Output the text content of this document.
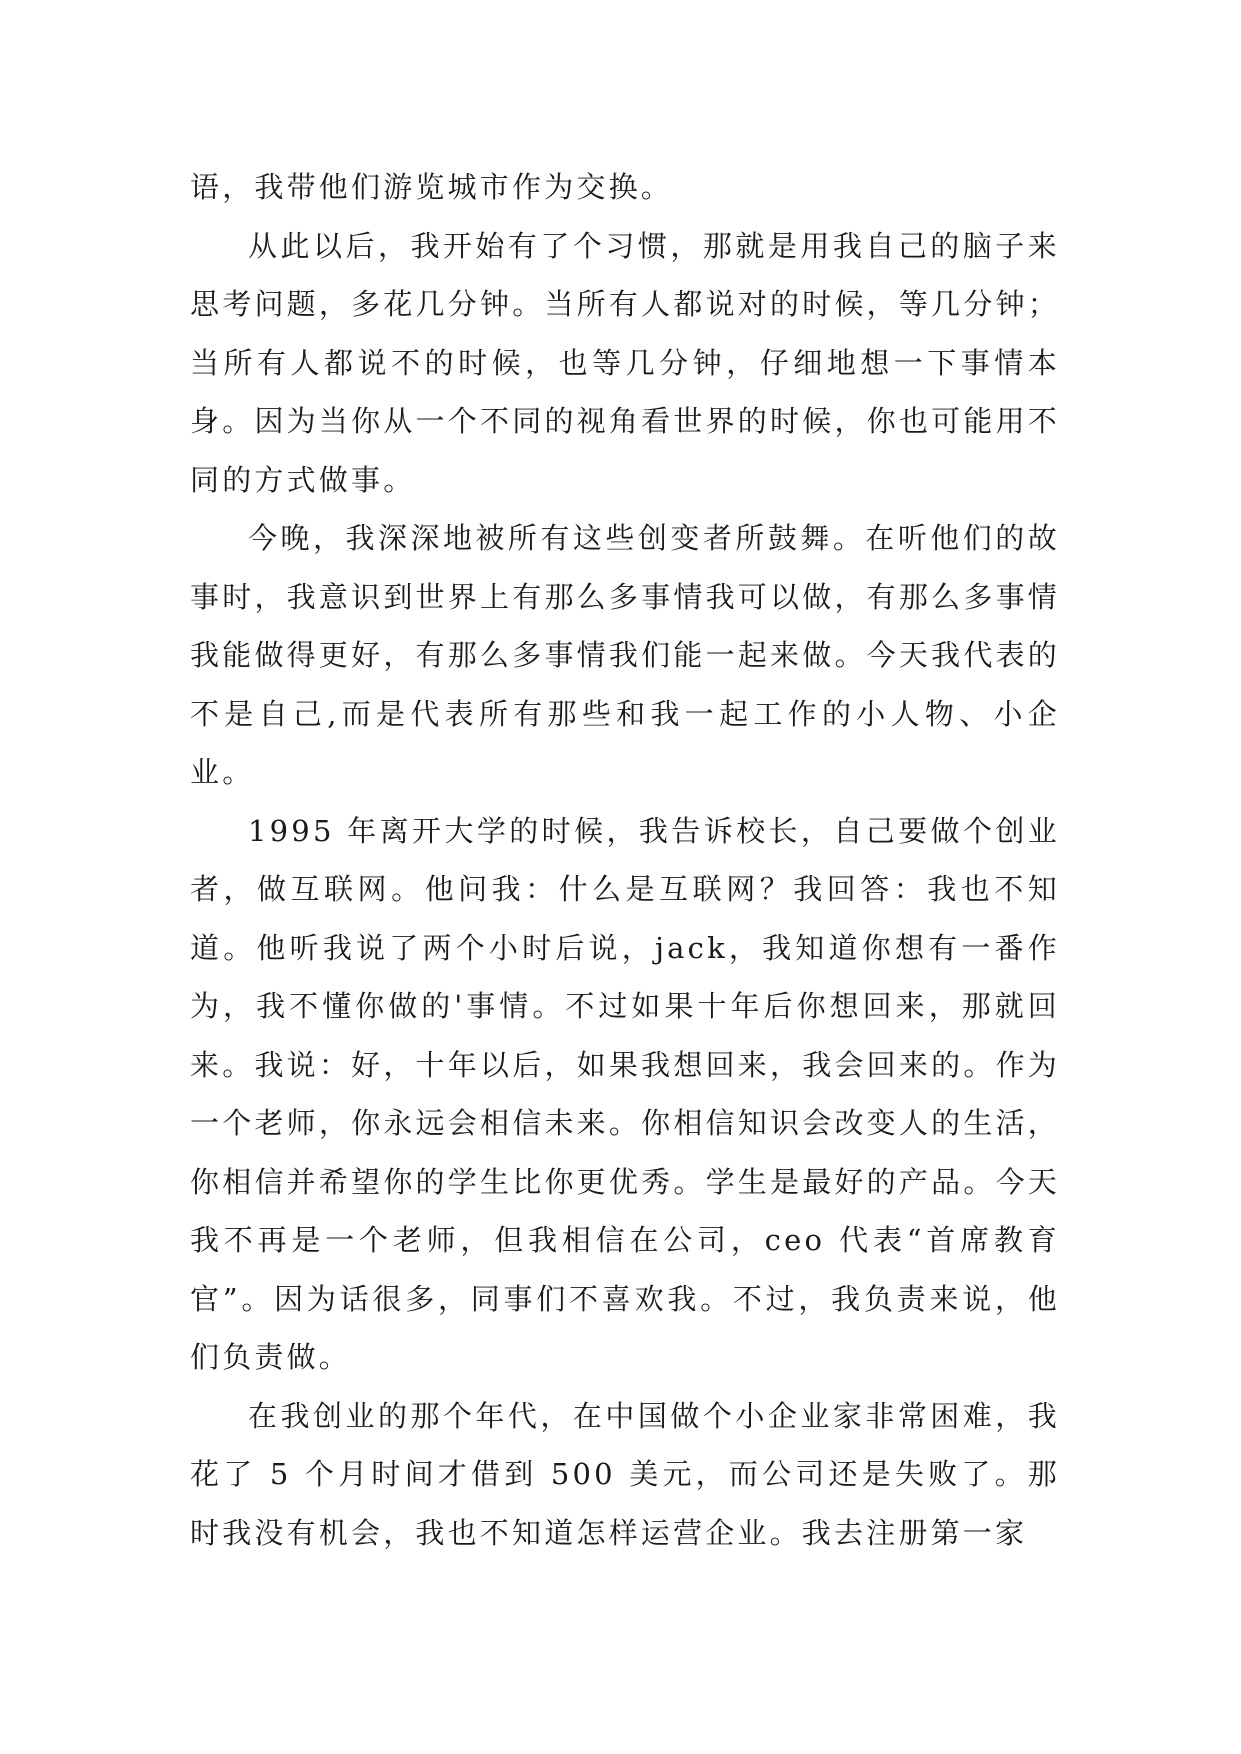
语，我带他们游览城市作为交换。

从此以后，我开始有了个习惯，那就是用我自己的脑子来思考问题，多花几分钟。当所有人都说对的时候，等几分钟；当所有人都说不的时候，也等几分钟，仔细地想一下事情本身。因为当你从一个不同的视角看世界的时候，你也可能用不同的方式做事。

今晚，我深深地被所有这些创变者所鼓舞。在听他们的故事时，我意识到世界上有那么多事情我可以做，有那么多事情我能做得更好，有那么多事情我们能一起来做。今天我代表的不是自己,而是代表所有那些和我一起工作的小人物、小企业。

1995 年离开大学的时候，我告诉校长，自己要做个创业者，做互联网。他问我：什么是互联网？我回答：我也不知道。他听我说了两个小时后说，jack，我知道你想有一番作为，我不懂你做的'事情。不过如果十年后你想回来，那就回来。我说：好，十年以后，如果我想回来，我会回来的。作为一个老师，你永远会相信未来。你相信知识会改变人的生活，你相信并希望你的学生比你更优秀。学生是最好的产品。今天我不再是一个老师，但我相信在公司，ceo 代表“首席教育官”。因为话很多，同事们不喜欢我。不过，我负责来说，他们负责做。

在我创业的那个年代，在中国做个小企业家非常困难，我花了 5 个月时间才借到 500 美元，而公司还是失败了。那时我没有机会，我也不知道怎样运营企业。我去注册第一家
